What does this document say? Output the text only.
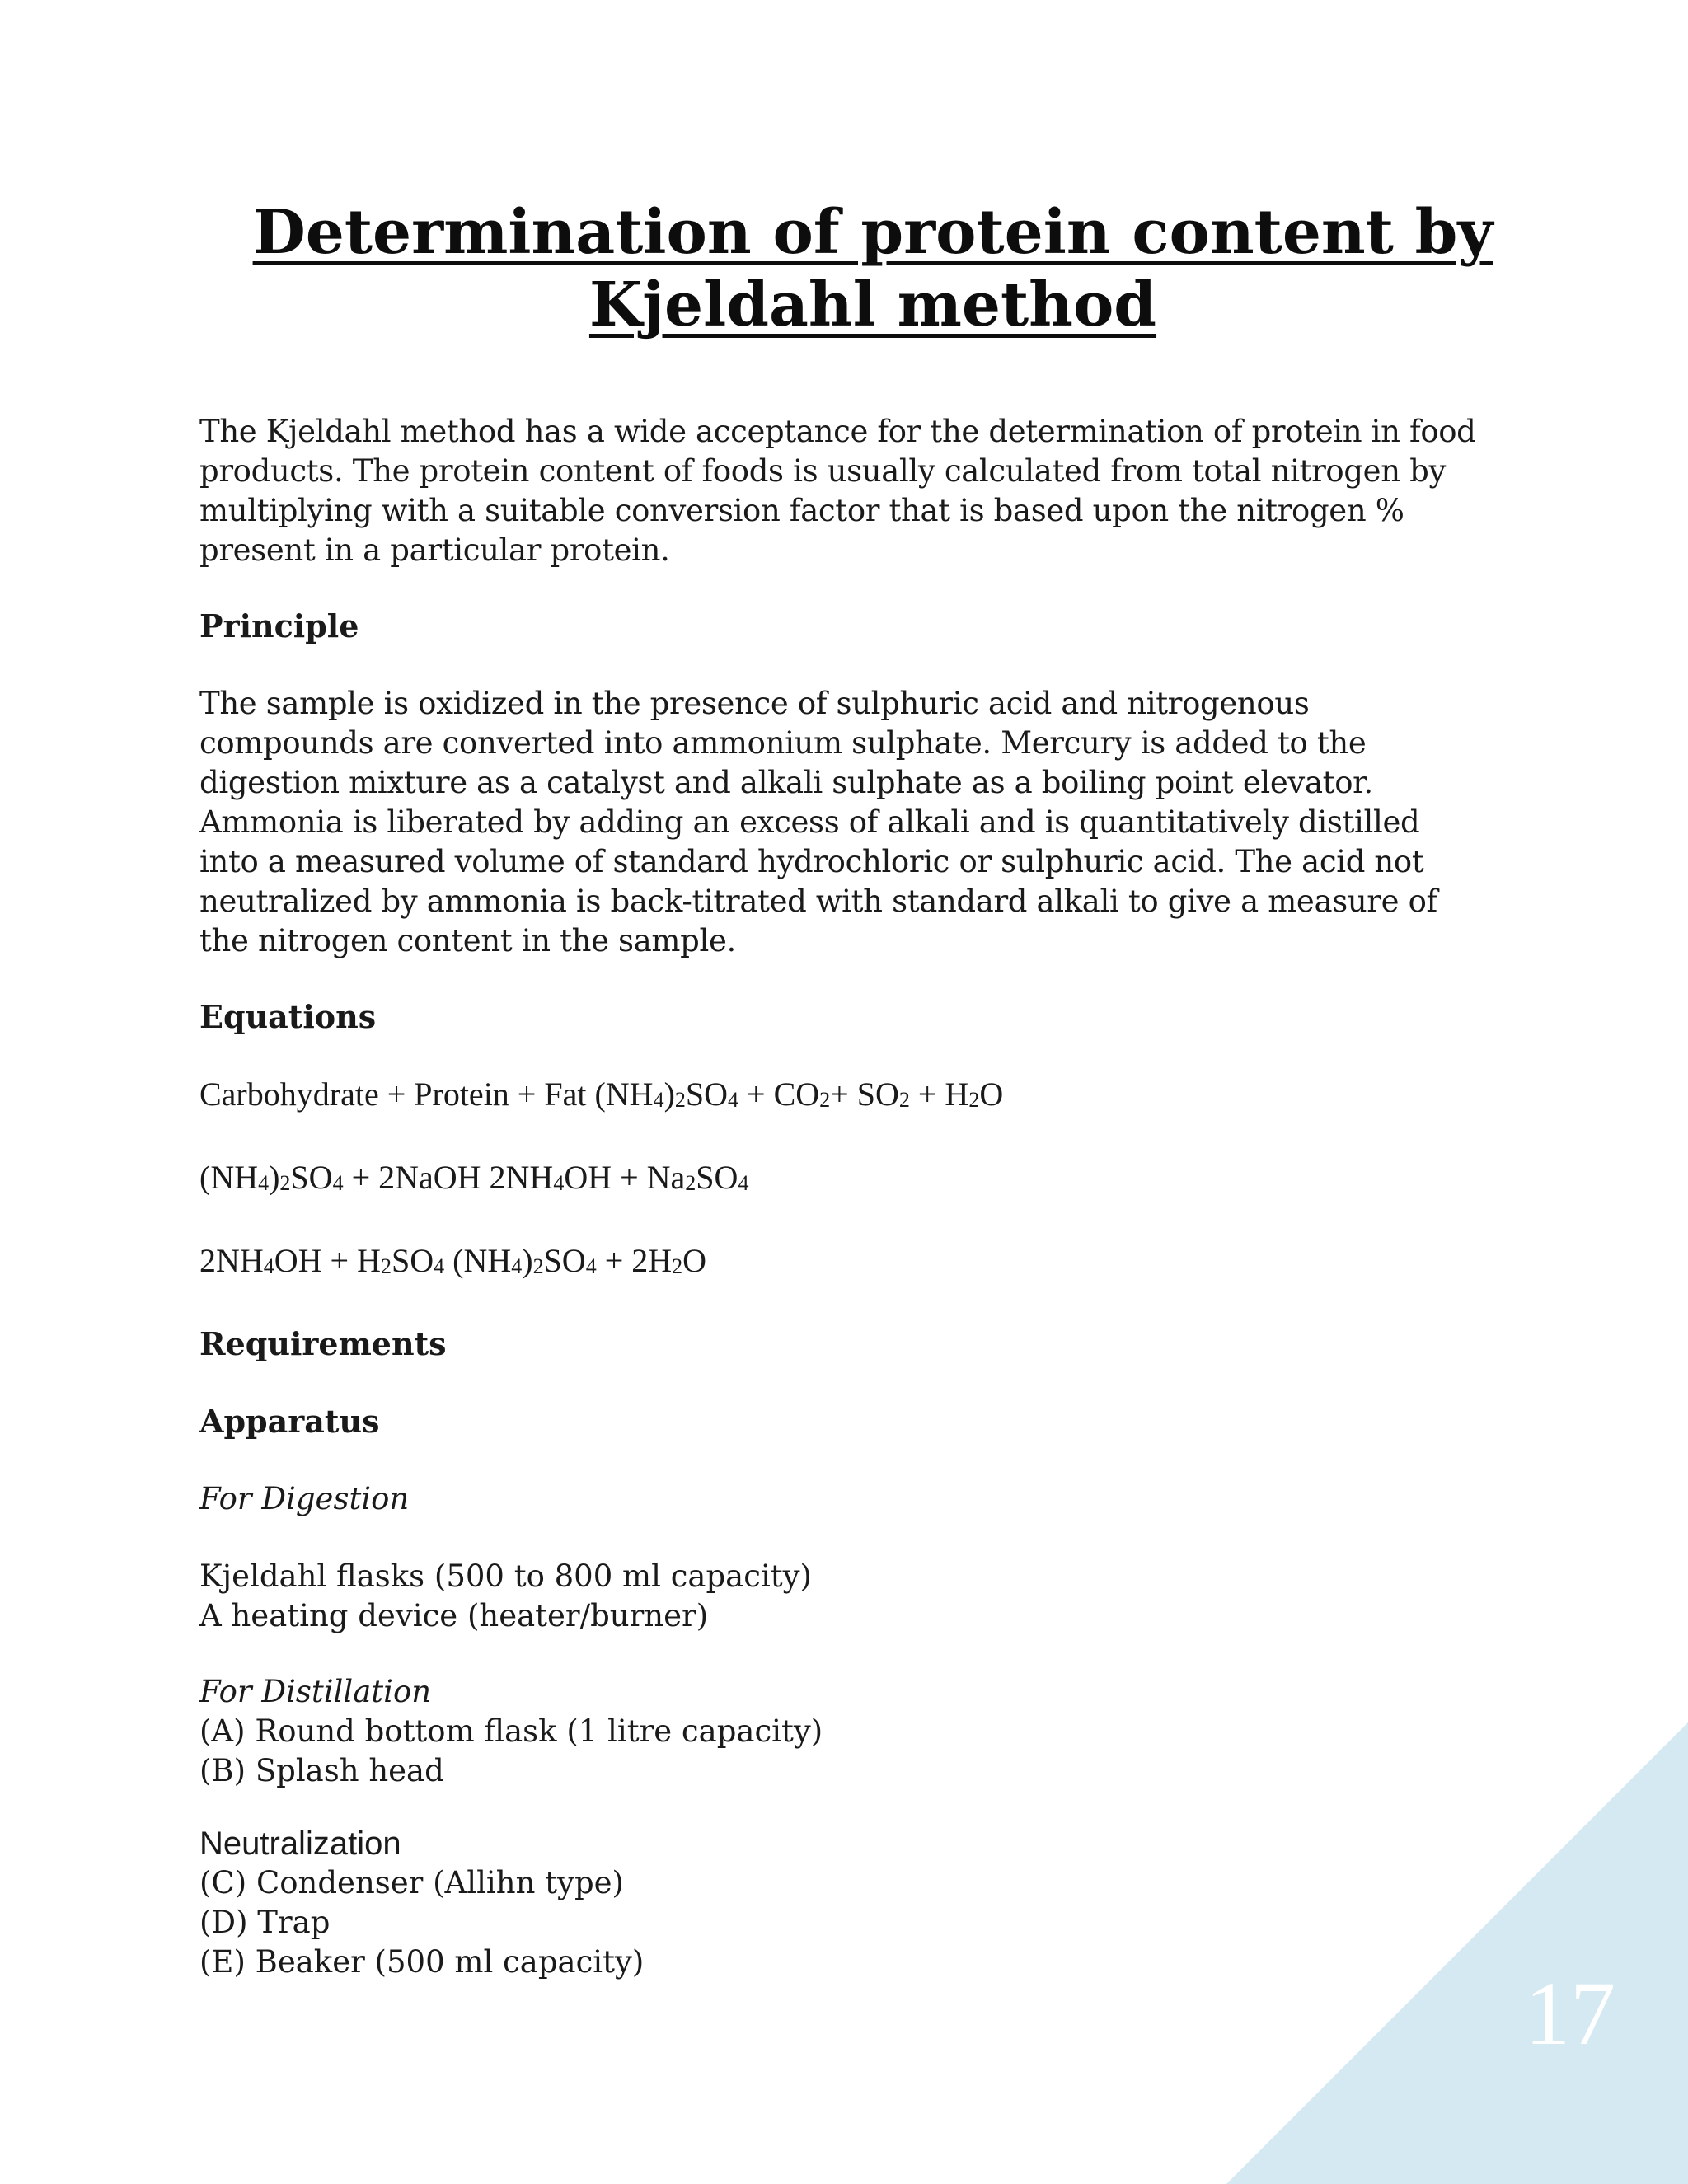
Determination of protein content by
Kjeldahl method

The Kjeldahl method has a wide acceptance for the determination of protein in food

products. The protein content of foods is usually calculated from total nitrogen by

multiplying with a suitable conversion factor that is based upon the nitrogen %

present in a particular protein.

Principle

The sample is oxidized in the presence of sulphuric acid and nitrogenous

compounds are converted into ammonium sulphate. Mercury is added to the

digestion mixture as a catalyst and alkali sulphate as a boiling point elevator.

Ammonia is liberated by adding an excess of alkali and is quantitatively distilled

into a measured volume of standard hydrochloric or sulphuric acid. The acid not

neutralized by ammonia is back-titrated with standard alkali to give a measure of

the nitrogen content in the sample.

Equations

Carbohydrate + Protein + Fat $(NH_4)_2SO_4 + CO_2+ SO_2 + H_2O$

$(NH_4)_2SO_4$ + 2NaOH $2NH_4OH + Na_2SO_4$

$2NH_4OH + H_2SO_4$ $(NH_4)_2SO_4 + 2H_2O$

Requirements

Apparatus

For Digestion

Kjeldahl flasks (500 to 800 ml capacity)

A heating device (heater/burner)

For Distillation

(A) Round bottom flask (1 litre capacity)

(B) Splash head

Neutralization

(C) Condenser (Allihn type)

(D) Trap

(E) Beaker (500 ml capacity)

17
